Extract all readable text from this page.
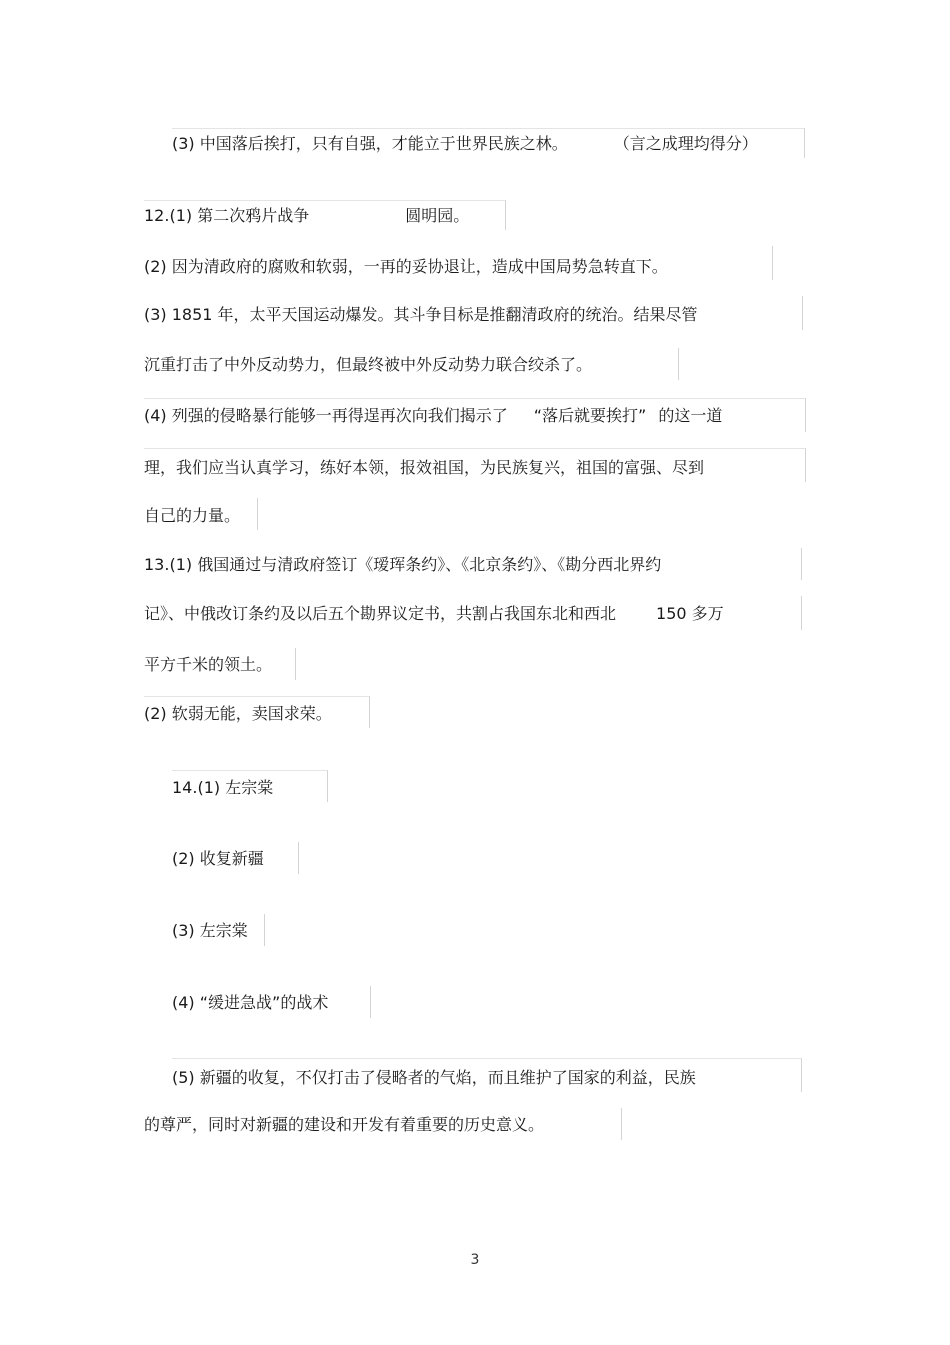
(3) 中国落后挨打，只有自强，才能立于世界民族之林。	（言之成理均得分）
12.(1) 第二次鸦片战争	圆明园。
(2) 因为清政府的腐败和软弱，一再的妥协退让，造成中国局势急转直下。
(3) 1851 年，太平天国运动爆发。其斗争目标是推翻清政府的统治。结果尽管
沉重打击了中外反动势力，但最终被中外反动势力联合绞杀了。
(4) 列强的侵略暴行能够一再得逞再次向我们揭示了 “落后就要挨打” 的这一道
理，我们应当认真学习，练好本领，报效祖国，为民族复兴，祖国的富强、尽到
自己的力量。
13.(1) 俄国通过与清政府签订《瑷珲条约》、《北京条约》、《勘分西北界约
记》、中俄改订条约及以后五个勘界议定书，共割占我国东北和西北	150 多万
平方千米的领土。
(2) 软弱无能，卖国求荣。
14.(1) 左宗棠
(2) 收复新疆
(3) 左宗棠
(4) “缓进急战”的战术
(5) 新疆的收复，不仅打击了侵略者的气焰，而且维护了国家的利益，民族
的尊严，同时对新疆的建设和开发有着重要的历史意义。
3
